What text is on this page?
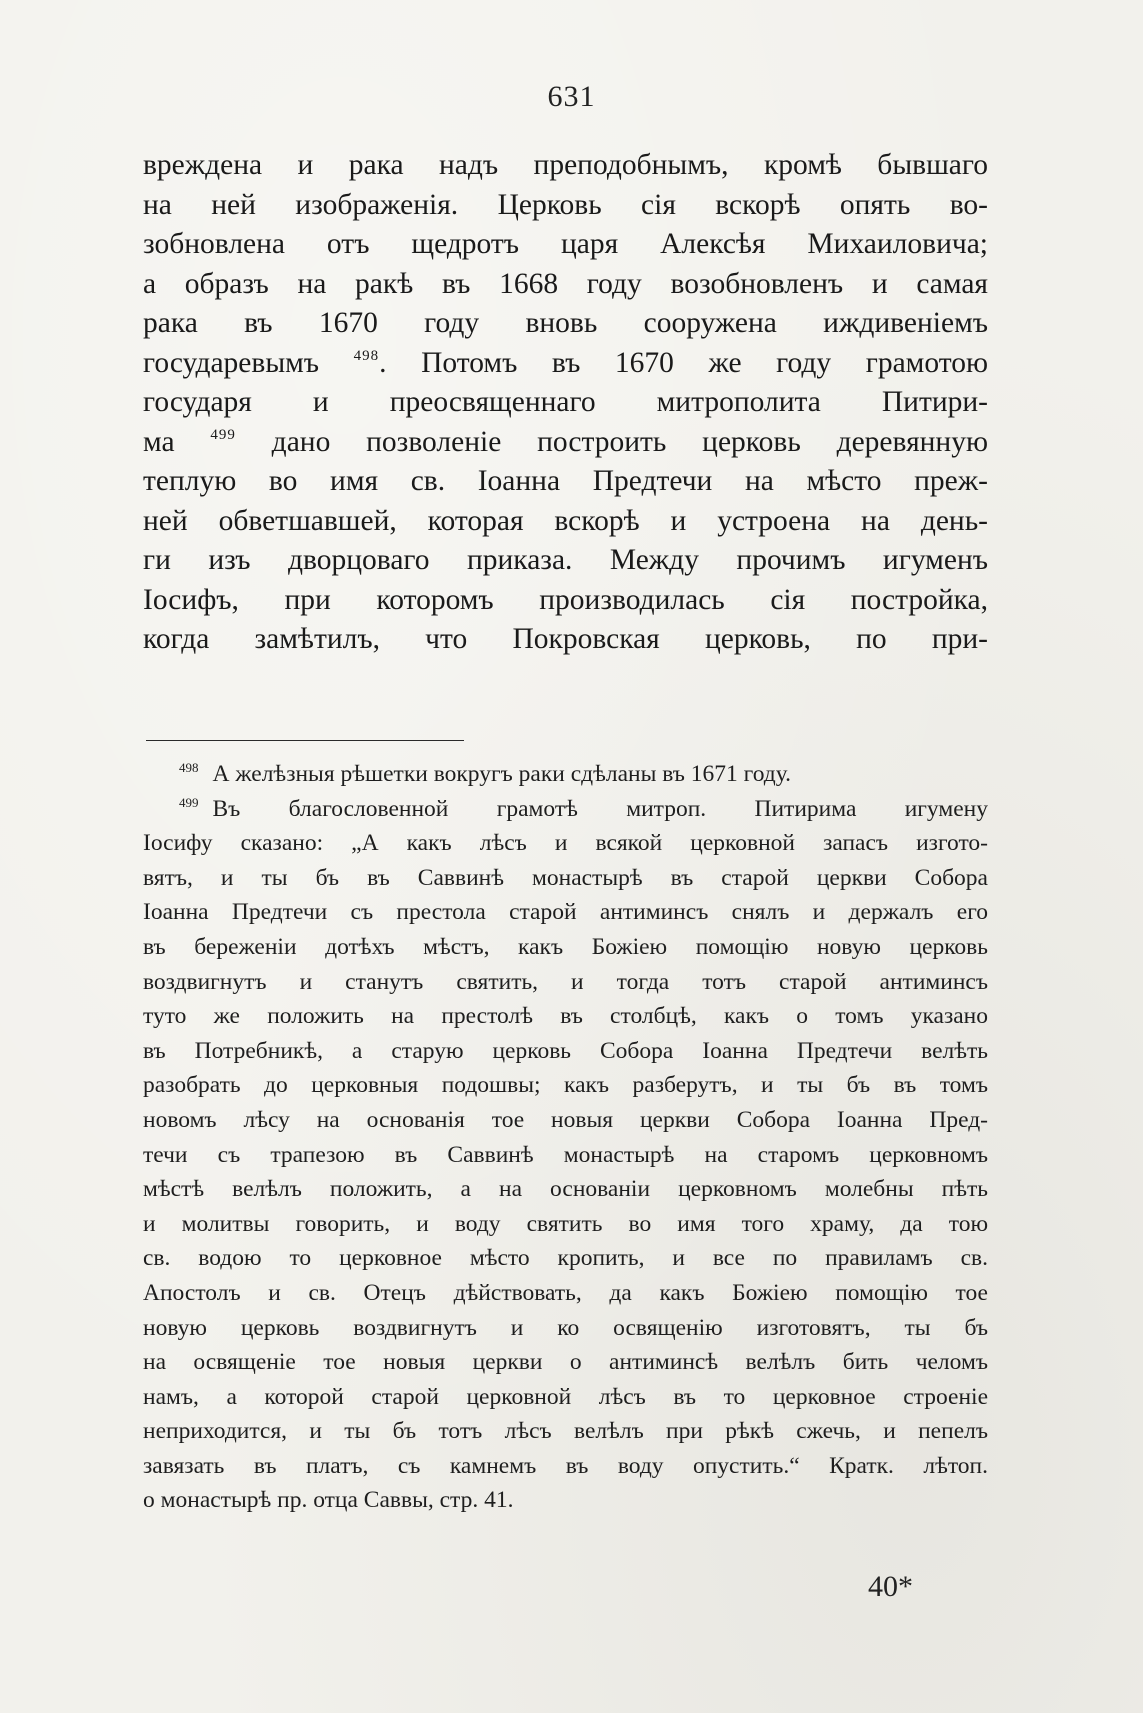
631
вреждена и рака надъ преподобнымъ, кромѣ бывшаго
на ней изображенія. Церковь сія вскорѣ опять во-
зобновлена отъ щедротъ царя Алексѣя Михаиловича;
а образъ на ракѣ въ 1668 году возобновленъ и самая
рака въ 1670 году вновь сооружена иждивеніемъ
государевымъ $^{498}$. Потомъ въ 1670 же году грамотою
государя и преосвященнаго митрополита Питири-
ма $^{499}$ дано позволеніе построить церковь деревянную
теплую во имя св. Іоанна Предтечи на мѣсто преж-
ней обветшавшей, которая вскорѣ и устроена на день-
ги изъ дворцоваго приказа. Между прочимъ игуменъ
Іосифъ, при которомъ производилась сія постройка,
когда замѣтилъ, что Покровская церковь, по при-
$^{498}$ А желѣзныя рѣшетки вокругъ раки сдѣланы въ 1671 году.
$^{499}$ Въ благословенной грамотѣ митроп. Питирима игумену
Іосифу сказано: „А какъ лѣсъ и всякой церковной запасъ изгото-
вятъ, и ты бъ въ Саввинѣ монастырѣ въ старой церкви Собора
Іоанна Предтечи съ престола старой антиминсъ снялъ и держалъ его
въ береженіи дотѣхъ мѣстъ, какъ Божіею помощію новую церковь
воздвигнутъ и станутъ святить, и тогда тотъ старой антиминсъ
туто же положить на престолѣ въ столбцѣ, какъ о томъ указано
въ Потребникѣ, а старую церковь Собора Іоанна Предтечи велѣть
разобрать до церковныя подошвы; какъ разберутъ, и ты бъ въ томъ
новомъ лѣсу на основанія тое новыя церкви Собора Іоанна Пред-
течи съ трапезою въ Саввинѣ монастырѣ на старомъ церковномъ
мѣстѣ велѣлъ положить, а на основаніи церковномъ молебны пѣть
и молитвы говорить, и воду святить во имя того храму, да тою
св. водою то церковное мѣсто кропить, и все по правиламъ св.
Апостолъ и св. Отецъ дѣйствовать, да какъ Божіею помощію тое
новую церковь воздвигнутъ и ко освященію изготовятъ, ты бъ
на освященіе тое новыя церкви о антиминсѣ велѣлъ бить челомъ
намъ, а которой старой церковной лѣсъ въ то церковное строеніе
неприходится, и ты бъ тотъ лѣсъ велѣлъ при рѣкѣ сжечь, и пепелъ
завязать въ платъ, съ камнемъ въ воду опустить.“ Кратк. лѣтоп.
о монастырѣ пр. отца Саввы, стр. 41.
40*
